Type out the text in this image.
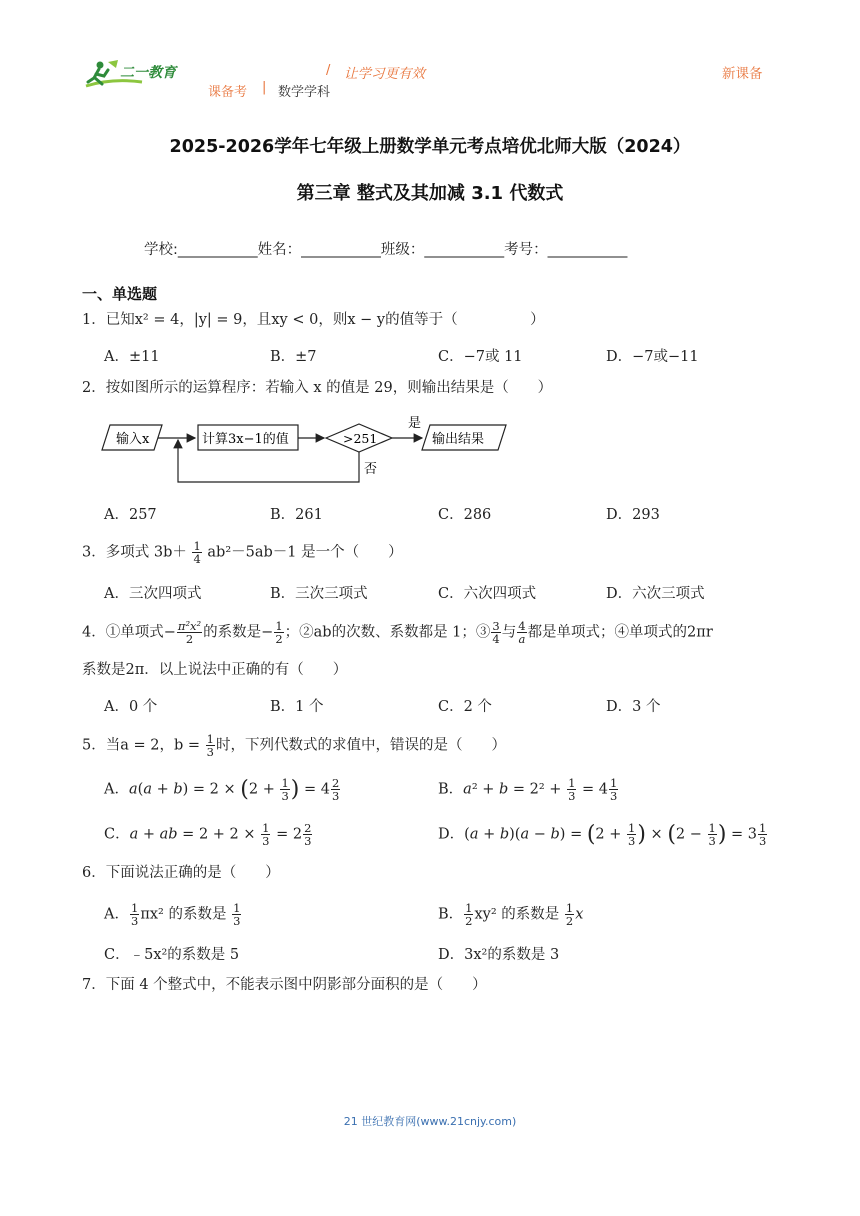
二一教育	/ 让学习更有效
课备考 | 数学学科
新课备
2025-2026学年七年级上册数学单元考点培优北师大版（2024）
第三章 整式及其加减 3.1 代数式
学校:___________姓名：___________班级：___________考号：___________
一、单选题
1．已知x² = 4，|y| = 9，且xy < 0，则x − y的值等于（　　　　　）
A．±11	B．±7	C．−7或 11	D．−7或−11
2．按如图所示的运算程序：若输入 x 的值是 29，则输出结果是（　　）
输入x	计算3x−1的值	>251
是
否
输出结果
A．257	B．261	C．286	D．293
3．多项式 $3b+ \frac{1}{4} ab^2-5ab-1$ 是一个（　　）
A．三次四项式	B．三次三项式	C．六次四项式	D．六次三项式
4．①单项式− $\frac{\text{π²x²}}{2}$ 的系数是− $\frac{1}{2}$ ；②ab的次数、系数都是 1；③ $\frac{3}{4}$ 与 $\frac{4}{a}$ 都是单项式；④单项式的2πr
系数是2π．以上说法中正确的有（　　）
A．0 个	B．1 个	C．2 个	D．3 个
5．当a = 2，$b = \frac{1}{3}$ 时，下列代数式的求值中，错误的是（　　）
A．$a(a + b) = 2 \times (2 + \frac{1}{3}$ ) = $4 \frac{2}{3}$	B．$a^2 + b = 2^2 + \frac{1}{3} = 4 \frac{1}{3}$
C．a + ab = $2 + 2 \times \frac{1}{3} = 2 \frac{2}{3}$	D．$(a + b)(a - b) = (2 + \frac{1}{3}$ ) × ($2 - \frac{1}{3}$ ) = $3 \frac{1}{3}$
6．下面说法正确的是（　　）
A． $\frac{1}{3} \pi x^2$ 的系数是 $\frac{1}{3}$	B． $\frac{1}{2} xy^2$ 的系数是 $\frac{1}{2}$ x
C．﹣5x²的系数是 5	D．3x²的系数是 3
7．下面 4 个整式中，不能表示图中阴影部分面积的是（　　）
21 世纪教育网(www.21cnjy.com)
